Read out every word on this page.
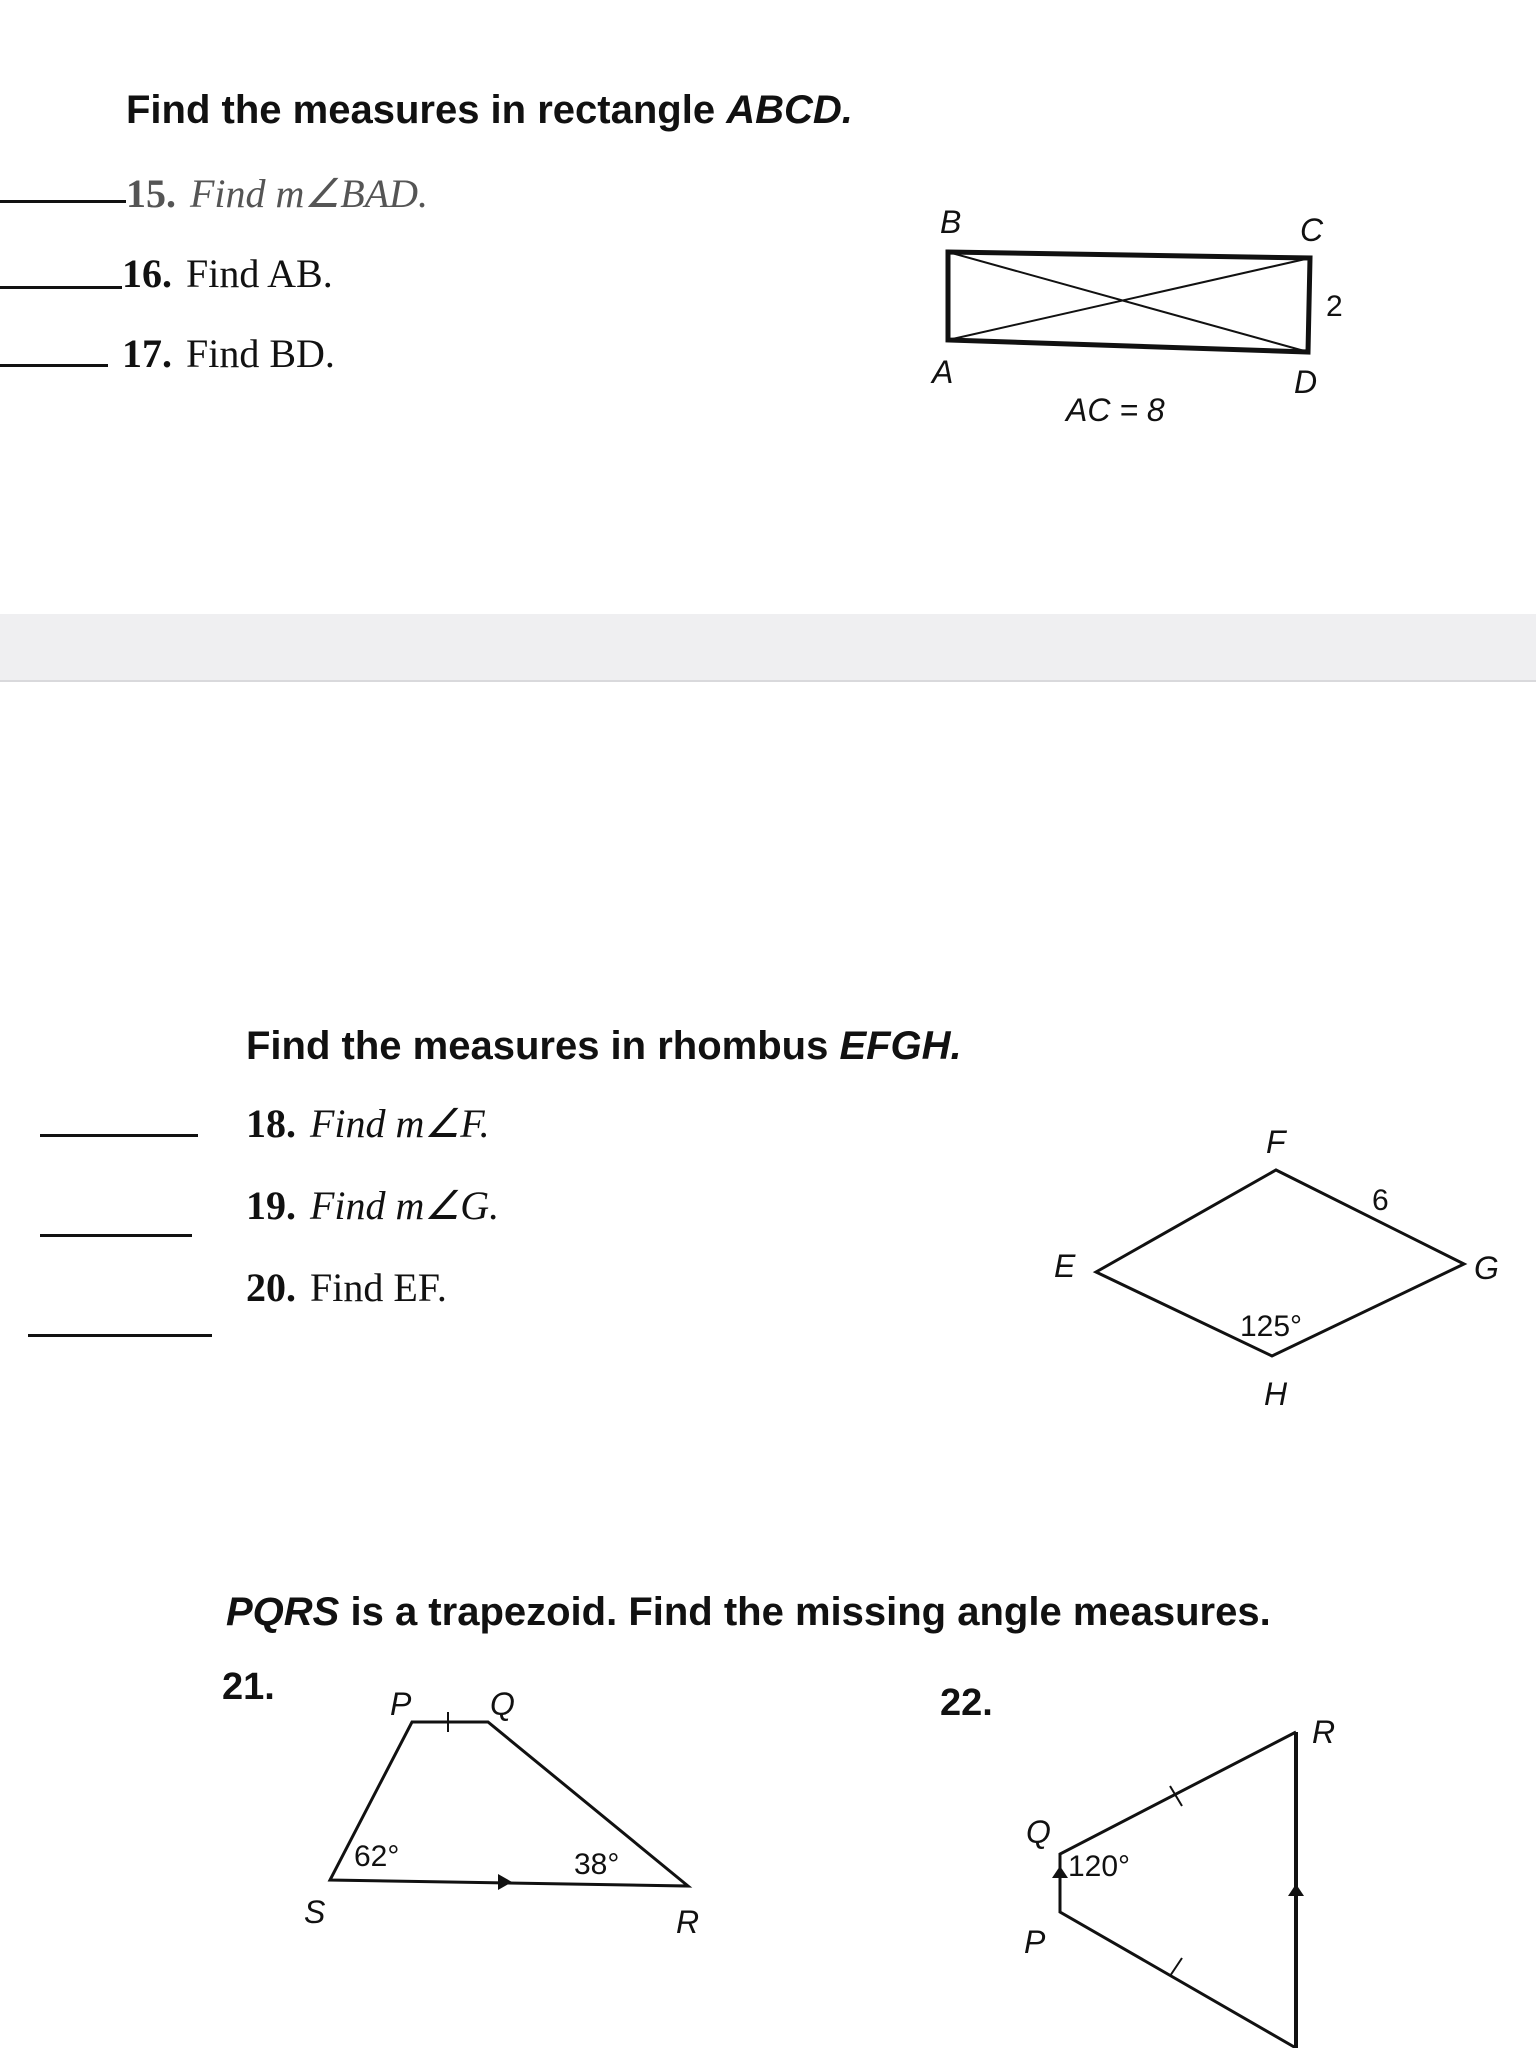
Find the measures in rectangle ABCD.
15. Find m∠BAD.
16. Find AB.
17. Find BD.
B	C
A	D
2
AC = 8
Find the measures in rhombus EFGH.
18. Find m∠F.
19. Find m∠G.
20. Find EF.
F
E	G
H
6
125°
PQRS is a trapezoid. Find the missing angle measures.
21.	P Q
S	R
62°	38°
22.
R
Q
P
120°
